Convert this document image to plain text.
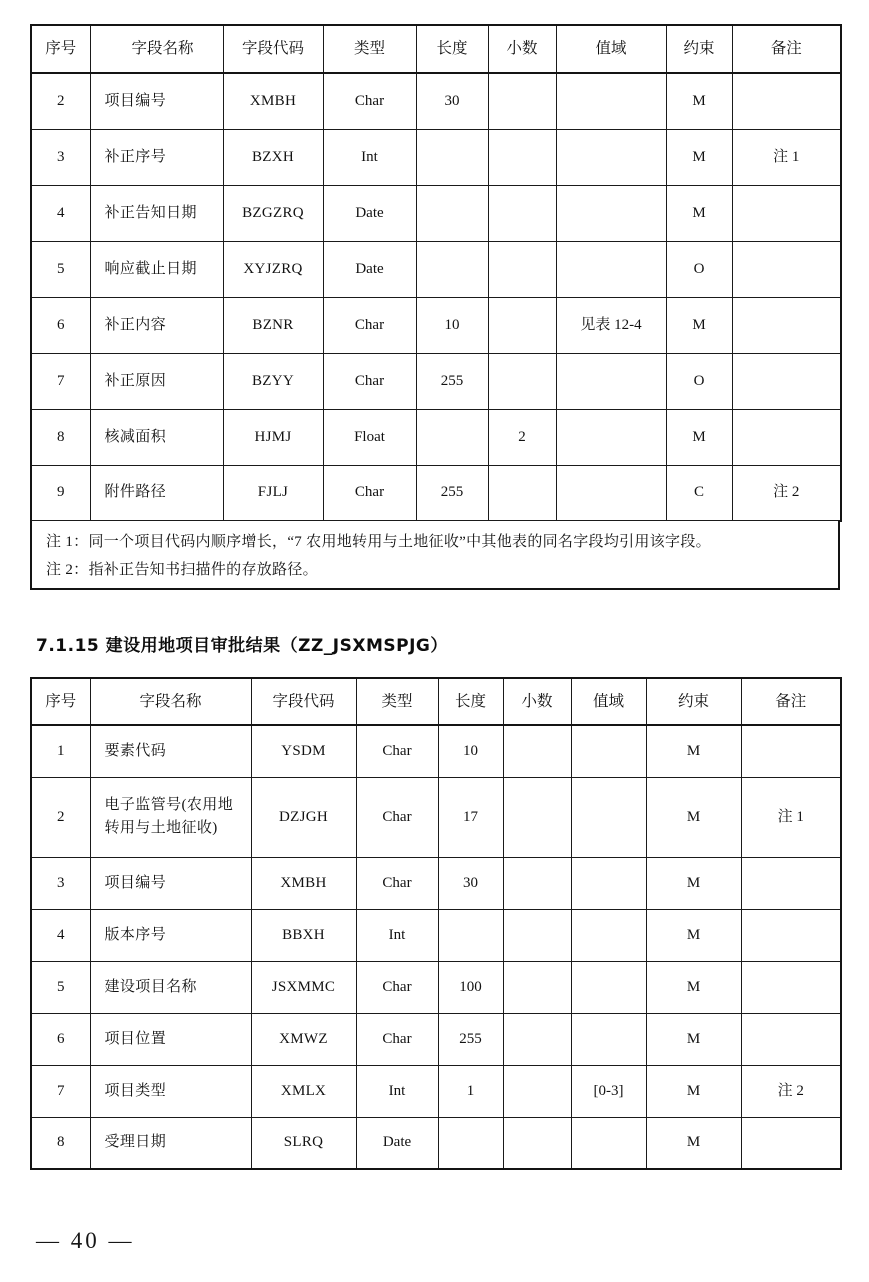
序号	字段名称	字段代码	类型	长度	小数	值域	约束	备注
2	项目编号	XMBH	Char	30			M	
3	补正序号	BZXH	Int				M	注 1
4	补正告知日期	BZGZRQ	Date				M	
5	响应截止日期	XYJZRQ	Date				O	
6	补正内容	BZNR	Char	10		见表 12-4	M	
7	补正原因	BZYY	Char	255			O	
8	核减面积	HJMJ	Float		2		M	
9	附件路径	FJLJ	Char	255			C	注 2
注 1：同一个项目代码内顺序增长，“7 农用地转用与土地征收”中其他表的同名字段均引用该字段。
注 2：指补正告知书扫描件的存放路径。
7.1.15 建设用地项目审批结果（ZZ_JSXMSPJG）
序号	字段名称	字段代码	类型	长度	小数	值域	约束	备注
1	要素代码	YSDM	Char	10			M	
2	电子监管号(农用地
转用与土地征收)	DZJGH	Char	17			M	注 1
3	项目编号	XMBH	Char	30			M	
4	版本序号	BBXH	Int				M	
5	建设项目名称	JSXMMC	Char	100			M	
6	项目位置	XMWZ	Char	255			M	
7	项目类型	XMLX	Int	1		[0-3]	M	注 2
8	受理日期	SLRQ	Date				M	
— 40 —
